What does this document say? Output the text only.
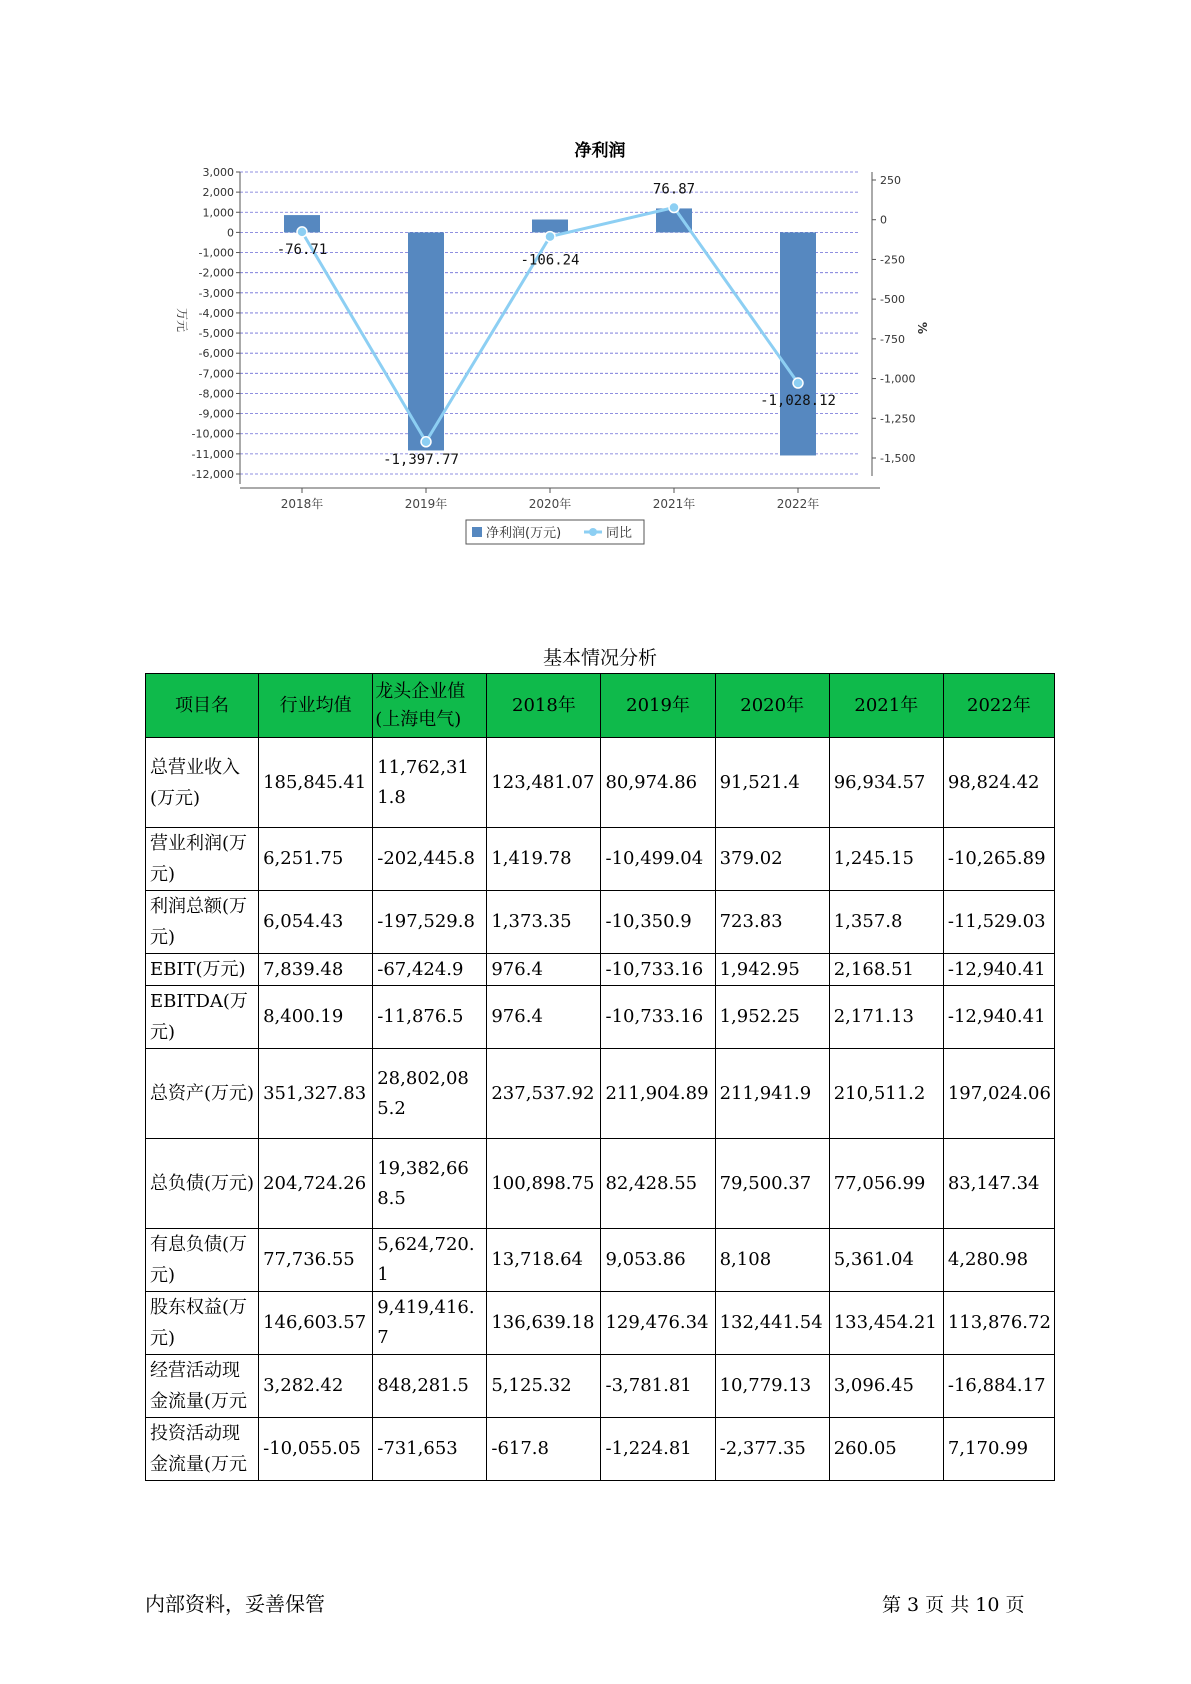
净利润
-76.71
-1,397.77
-106.24
76.87
-1,028.12
3,000
2,000
1,000
0
-1,000
-2,000
-3,000
-4,000
-5,000
-6,000
-7,000
-8,000
-9,000
-10,000
-11,000
-12,000
250
0
-250
-500
-750
-1,000
-1,250
-1,500
万元	%
2018年	2019年	2020年	2021年	2022年
净利润(万元)	同比
基本情况分析
项目名	行业均值	龙头企业值(上海电气)	2018年	2019年	2020年	2021年	2022年
总营业收入(万元)	185,845.41	11,762,311.8	123,481.07	80,974.86	91,521.4	96,934.57	98,824.42
营业利润(万元)	6,251.75	-202,445.8	1,419.78	-10,499.04	379.02	1,245.15	-10,265.89
利润总额(万元)	6,054.43	-197,529.8	1,373.35	-10,350.9	723.83	1,357.8	-11,529.03
EBIT(万元)	7,839.48	-67,424.9	976.4	-10,733.16	1,942.95	2,168.51	-12,940.41
EBITDA(万元)	8,400.19	-11,876.5	976.4	-10,733.16	1,952.25	2,171.13	-12,940.41
总资产(万元)	351,327.83	28,802,085.2	237,537.92	211,904.89	211,941.9	210,511.2	197,024.06
总负债(万元)	204,724.26	19,382,668.5	100,898.75	82,428.55	79,500.37	77,056.99	83,147.34
有息负债(万元)	77,736.55	5,624,720.1	13,718.64	9,053.86	8,108	5,361.04	4,280.98
股东权益(万元)	146,603.57	9,419,416.7	136,639.18	129,476.34	132,441.54	133,454.21	113,876.72
经营活动现金流量(万元	3,282.42	848,281.5	5,125.32	-3,781.81	10,779.13	3,096.45	-16,884.17
投资活动现金流量(万元	-10,055.05	-731,653	-617.8	-1,224.81	-2,377.35	260.05	7,170.99
内部资料，妥善保管	第 3 页 共 10 页
